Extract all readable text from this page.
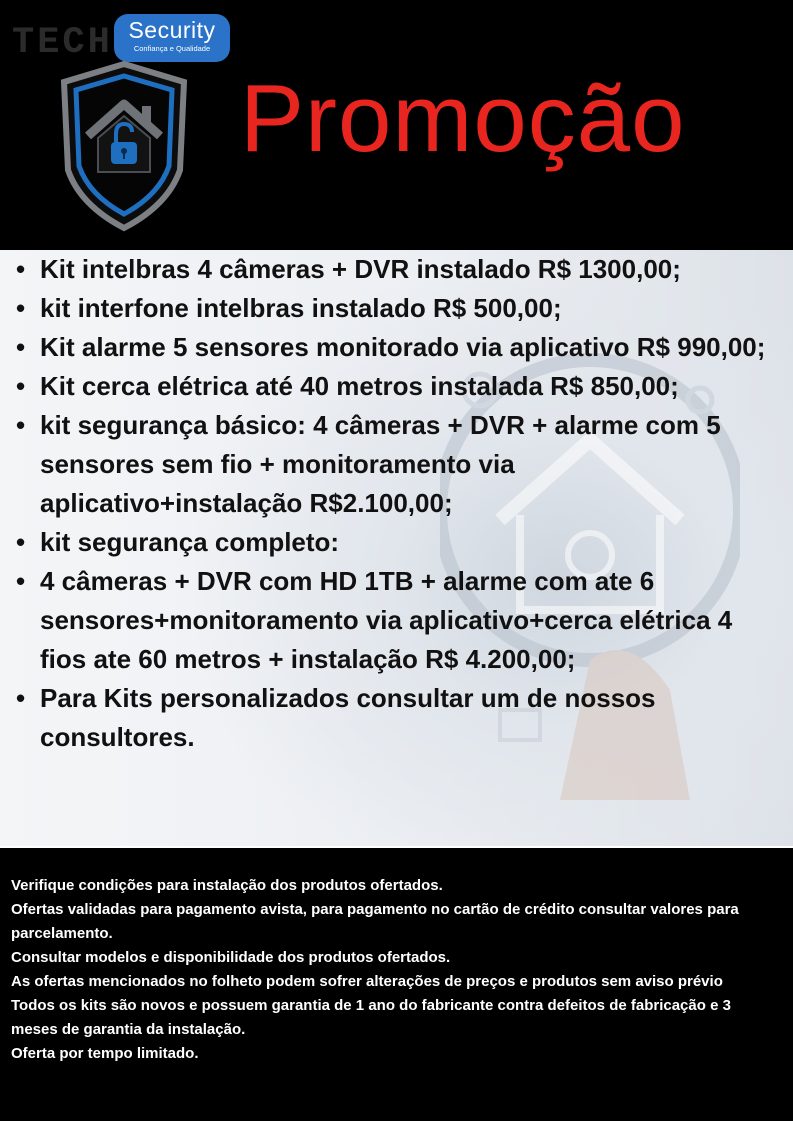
TECH Security
Confiança e Qualidade
Promoção
• Kit intelbras 4 câmeras + DVR instalado R$ 1300,00;
• kit interfone intelbras instalado R$ 500,00;
• Kit alarme 5 sensores monitorado via aplicativo R$ 990,00;
• Kit cerca elétrica até 40 metros instalada R$ 850,00;
• kit segurança básico: 4 câmeras + DVR + alarme com 5 sensores sem fio + monitoramento via aplicativo+instalação R$2.100,00;
• kit segurança completo:
• 4 câmeras + DVR com HD 1TB + alarme com ate 6 sensores+monitoramento via aplicativo+cerca elétrica 4 fios ate 60 metros + instalação R$ 4.200,00;
• Para Kits personalizados consultar um de nossos consultores.

Verifique condições para instalação dos produtos ofertados.

Ofertas validadas para pagamento avista, para pagamento no cartão de crédito consultar valores para parcelamento.

Consultar modelos e disponibilidade dos produtos ofertados.

As ofertas mencionados no folheto podem sofrer alterações de preços e produtos sem aviso prévio

Todos os kits são novos e possuem garantia de 1 ano do fabricante contra defeitos de fabricação e 3 meses de garantia da instalação.

Oferta por tempo limitado.
